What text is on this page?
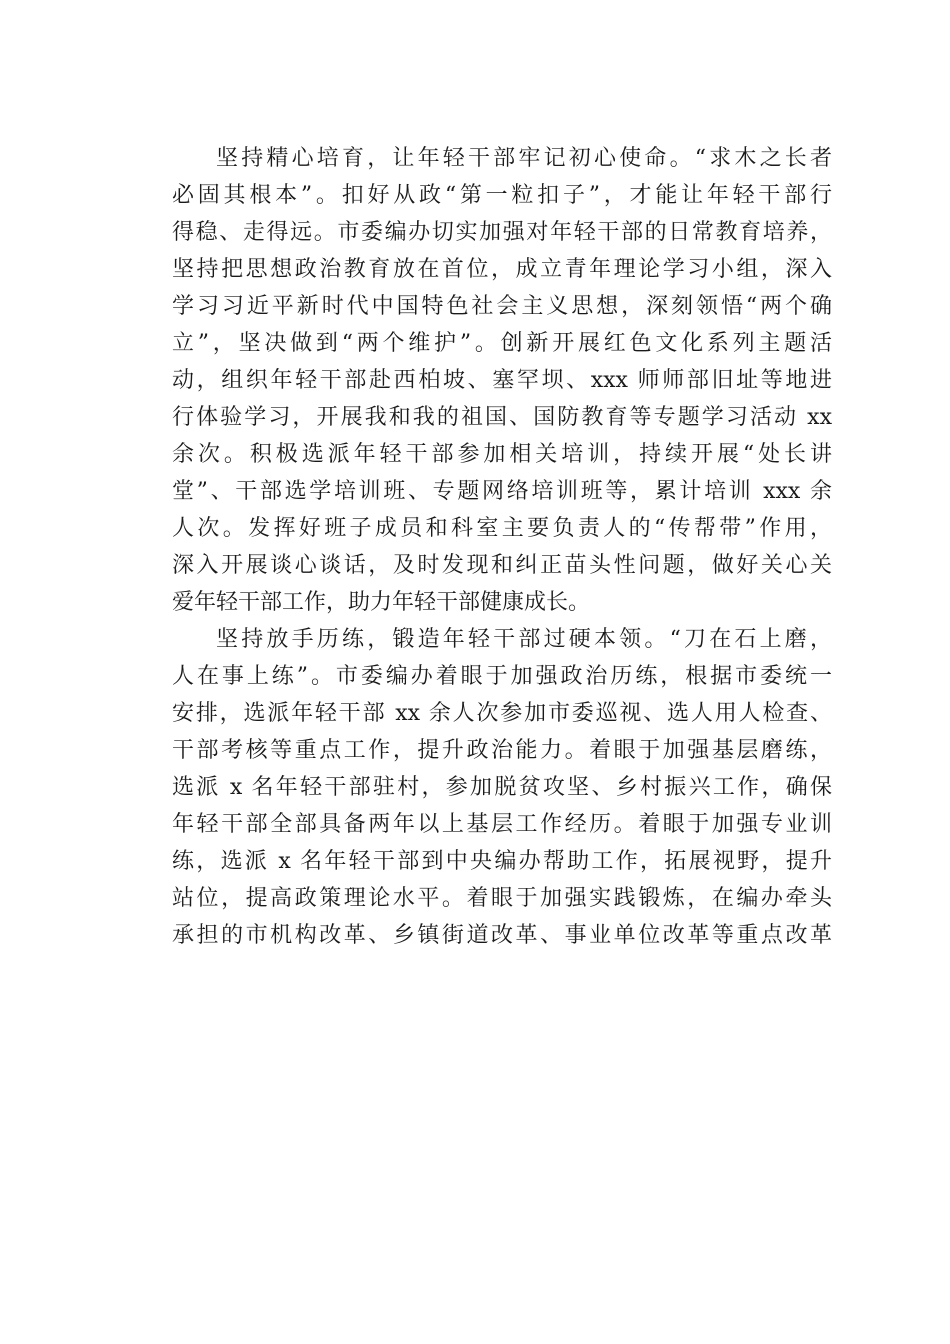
坚持精心培育，让年轻干部牢记初心使命。“求木之长者
必固其根本”。扣好从政“第一粒扣子”，才能让年轻干部行
得稳、走得远。市委编办切实加强对年轻干部的日常教育培养，
坚持把思想政治教育放在首位，成立青年理论学习小组，深入
学习习近平新时代中国特色社会主义思想，深刻领悟“两个确
立”，坚决做到“两个维护”。创新开展红色文化系列主题活
动，组织年轻干部赴西柏坡、塞罕坝、xxx 师师部旧址等地进
行体验学习，开展我和我的祖国、国防教育等专题学习活动 xx
余次。积极选派年轻干部参加相关培训，持续开展“处长讲
堂”、干部选学培训班、专题网络培训班等，累计培训 xxx 余
人次。发挥好班子成员和科室主要负责人的“传帮带”作用，
深入开展谈心谈话，及时发现和纠正苗头性问题，做好关心关
爱年轻干部工作，助力年轻干部健康成长。
坚持放手历练，锻造年轻干部过硬本领。“刀在石上磨，
人在事上练”。市委编办着眼于加强政治历练，根据市委统一
安排，选派年轻干部 xx 余人次参加市委巡视、选人用人检查、
干部考核等重点工作，提升政治能力。着眼于加强基层磨练，
选派 x 名年轻干部驻村，参加脱贫攻坚、乡村振兴工作，确保
年轻干部全部具备两年以上基层工作经历。着眼于加强专业训
练，选派 x 名年轻干部到中央编办帮助工作，拓展视野，提升
站位，提高政策理论水平。着眼于加强实践锻炼，在编办牵头
承担的市机构改革、乡镇街道改革、事业单位改革等重点改革
